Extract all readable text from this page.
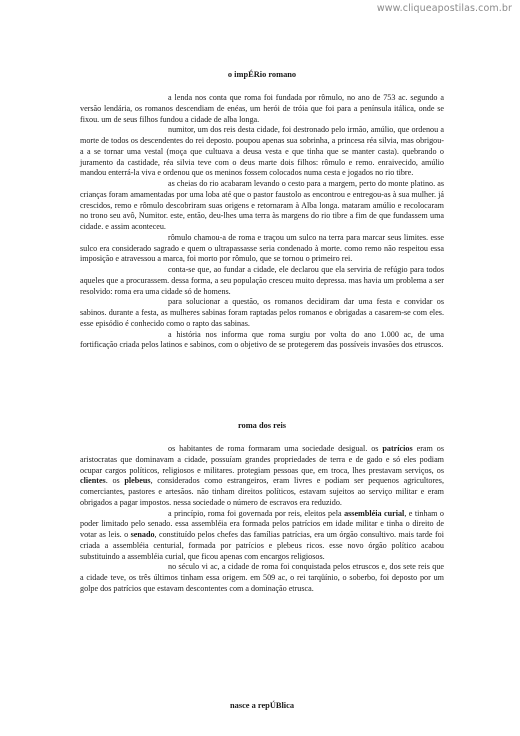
www.cliqueapostilas.com.br
o impÉRio romano

a lenda nos conta que roma foi fundada por rômulo, no ano de 753 ac. segundo a versão lendária, os romanos descendiam de enéas, um herói de tróia que foi para a península itálica, onde se fixou. um de seus filhos fundou a cidade de alba longa.

numitor, um dos reis desta cidade, foi destronado pelo irmão, amúlio, que ordenou a morte de todos os descendentes do rei deposto. poupou apenas sua sobrinha, a princesa réa silvia, mas obrigou-a a se tornar uma vestal (moça que cultuava a deusa vesta e que tinha que se manter casta). quebrando o juramento da castidade, réa silvia teve com o deus marte dois filhos: rômulo e remo. enraivecido, amúlio mandou enterrá-la viva e ordenou que os meninos fossem colocados numa cesta e jogados no rio tibre.

as cheias do rio acabaram levando o cesto para a margem, perto do monte platino. as crianças foram amamentadas por uma loba até que o pastor faustolo as encontrou e entregou-as à sua mulher. já crescidos, remo e rômulo descobriram suas origens e retornaram à Alba longa. mataram amúlio e recolocaram no trono seu avô, Numitor. este, então, deu-lhes uma terra às margens do rio tibre a fim de que fundassem uma cidade. e assim aconteceu.

rômulo chamou-a de roma e traçou um sulco na terra para marcar seus limites. esse sulco era considerado sagrado e quem o ultrapassasse seria condenado à morte. como remo não respeitou essa imposição e atravessou a marca, foi morto por rômulo, que se tornou o primeiro rei.

conta-se que, ao fundar a cidade, ele declarou que ela serviria de refúgio para todos aqueles que a procurassem. dessa forma, a seu população cresceu muito depressa. mas havia um problema a ser resolvido: roma era uma cidade só de homens.

para solucionar a questão, os romanos decidiram dar uma festa e convidar os sabinos. durante a festa, as mulheres sabinas foram raptadas pelos romanos e obrigadas a casarem-se com eles. esse episódio é conhecido como o rapto das sabinas.

a história nos informa que roma surgiu por volta do ano 1.000 ac, de uma fortificação criada pelos latinos e sabinos, com o objetivo de se protegerem das possíveis invasões dos etruscos.

roma dos reis

os habitantes de roma formaram uma sociedade desigual. os patrícios eram os aristocratas que dominavam a cidade, possuíam grandes propriedades de terra e de gado e só eles podiam ocupar cargos políticos, religiosos e militares. protegiam pessoas que, em troca, lhes prestavam serviços, os clientes. os plebeus, considerados como estrangeiros, eram livres e podiam ser pequenos agricultores, comerciantes, pastores e artesãos. não tinham direitos políticos, estavam sujeitos ao serviço militar e eram obrigados a pagar impostos. nessa sociedade o número de escravos era reduzido.

a princípio, roma foi governada por reis, eleitos pela assembléia curial, e tinham o poder limitado pelo senado. essa assembléia era formada pelos patrícios em idade militar e tinha o direito de votar as leis. o senado, constituído pelos chefes das famílias patrícias, era um órgão consultivo. mais tarde foi criada a assembléia centurial, formada por patrícios e plebeus ricos. esse novo órgão político acabou substituindo a assembléia curial, que ficou apenas com encargos religiosos.

no século vi ac, a cidade de roma foi conquistada pelos etruscos e, dos sete reis que a cidade teve, os três últimos tinham essa origem. em 509 ac, o rei tarqüínio, o soberbo, foi deposto por um golpe dos patrícios que estavam descontentes com a dominação etrusca.

nasce a repÚBlica
